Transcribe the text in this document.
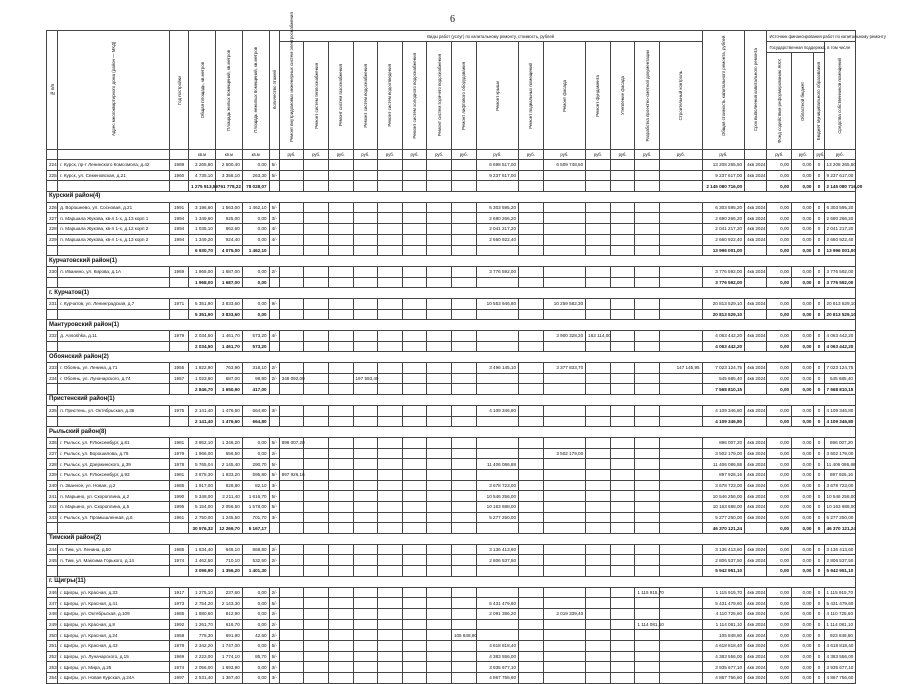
6
№ п/п	Адрес многоквартирного дома (район — МКД)	Год постройки	Общая площадь, кв.метров	Площадь жилых помещений, кв.метров	Площадь нежилых помещений, кв.метров	Количество этажей	Виды работ (услуг) по капитальному ремонту, стоимость, рублей															Общая стоимость капитального ремонта, рублей	Срок выполнения капитального ремонта	Источник финансирования работ по капитальному ремонту			

							Ремонт внутридомовых инженерных систем электроснабжения	Ремонт систем теплоснабжения	Ремонт систем газоснабжения	Ремонт систем водоснабжения	Ремонт систем водоотведения	Ремонт систем холодного водоснабжения	Ремонт систем горячего водоснабжения	Ремонт лифтового оборудования	Ремонт крыши	Ремонт подвальных помещений	Ремонт фасада	Ремонт фундамента	Утепление фасада	Разработка проектно-сметной документации	Строительный контроль			Государственная поддержка, в том числе			Средства собственников помещений

																								Фонд содействия реформированию ЖКХ	Областной бюджет	Бюджет муниципального образования	

			кв.м	кв.м	кв.м		руб.	руб.	руб.	руб.	руб.	руб.	руб.	руб.	руб.	руб.	руб.	руб.	руб.	руб.	руб.	руб.		руб.	руб.	руб.	руб.
224	г. Курск, пр-т Ленинского Комсомола, д.42	1989	3 265,80	2 500,40	0,00	5/-									6 698 517,00		6 509 748,50					13 208 265,50	4кв 2024	0,00	0,00	0	13 208 265,50
225	г. Курск, ул. Семеновская, д.21	1960	4 735,10	3 358,10	263,30	5/-									9 237 617,00							9 237 617,00	4кв 2024	0,00	0,00	0	9 237 617,00
			1 275 913,59	761 778,22	78 028,07																	2 145 080 716,00		0,00	0,00	0	2 145 080 716,00
Курский район(4)																											
226	д. Ворошнево, ул. Сосновая, д.21	1991	3 196,60	1 563,00	1 462,10	5/-									6 303 595,20							6 303 595,20	4кв 2024	0,00	0,00	0	6 303 595,20
227	п. Маршала Жукова, кв-л 1-х, д.13 корп 1	1994	1 349,60	925,00	0,00	3/-									2 690 266,20							2 690 266,20	4кв 2024	0,00	0,00	0	2 690 266,20
228	п. Маршала Жукова, кв-л 1-х, д.12 корп 2	1994	1 035,10	662,60	0,00	4/-									2 041 217,20							2 041 217,20	4кв 2024	0,00	0,00	0	2 041 217,20
229	п. Маршала Жукова, кв-л 1-х, д.13 корп 2	1994	1 349,20	924,40	0,00	4/-									2 660 922,40							2 660 922,40	4кв 2024	0,00	0,00	0	2 660 922,40
			6 930,70	4 075,00	1 462,10																	13 996 001,00		0,00	0,00	0	13 996 001,00
Курчатовский район(1)																											
230	п. Иванино, ул. Кирова, д.1А	1969	1 968,00	1 687,00	0,00	2/-									3 776 592,00							3 776 592,00	4кв 2024	0,00	0,00	0	3 776 592,00
			1 968,00	1 687,00	0,00																	3 776 592,00		0,00	0,00	0	3 776 592,00
г. Курчатов(1)																											
231	г. Курчатов, ул. Ленинградская, д.7	1971	5 351,90	3 833,60	0,00	9/-									10 553 946,80		10 259 582,30					20 813 529,10	4кв 2024	0,00	0,00	0	20 813 529,10
			5 351,90	3 833,60	0,00																	20 813 529,10		0,00	0,00	0	20 813 529,10
Мантуровский район(1)																											
232	д. Ansoshka, д.11	1979	2 034,50	1 461,70	573,20	4/-											3 900 328,20	163 114,00				4 063 442,20	4кв 2024	0,00	0,00	0	4 063 442,20
			2 034,50	1 461,70	573,20																	4 063 442,20		0,00	0,00	0	4 063 442,20
Обоянский район(2)																											
233	г. Обоянь, ул. Ленина, д.71	1955	1 822,90	763,90	318,10	2/-									3 496 145,10		3 377 833,70				147 145,95	7 023 124,75	4кв 2024	0,00	0,00	0	7 023 124,75
234	г. Обоянь, ул. Луначарского, д.74	1957	1 023,80	687,00	98,90	2/-	348 092,00			197 593,40												545 685,40	4кв 2024	0,00	0,00	0	545 685,40
			2 846,70	1 650,90	417,00																	7 568 810,15		0,00	0,00	0	7 568 810,15
Пристенский район(1)																											
235	п. Пристень, ул. Октябрьская, д.36	1975	2 141,40	1 476,60	664,80	3/-									4 109 346,80							4 109 346,80	4кв 2024	0,00	0,00	0	4 109 346,80
			2 141,40	1 476,60	664,80																	4 109 346,80		0,00	0,00	0	4 109 346,80
Рыльский район(8)																											
236	г. Рыльск, ул. Р.Люксембург, д.81	1981	3 862,10	1 346,20	0,00	5/-	896 007,20															896 007,20	4кв 2024	0,00	0,00	0	896 007,20
237	г. Рыльск, ул. Ворошилова, д.76	1979	1 966,00	556,50	0,00	2/-											3 502 179,00					3 502 179,00	4кв 2024	0,00	0,00	0	3 502 179,00
238	г. Рыльск, ул. Дзержинского, д.39	1978	5 765,04	2 145,40	290,70	5/-									11 406 086,88							11 406 086,88	4кв 2024	0,00	0,00	0	11 406 086,88
239	г. Рыльск, ул. Р.Люксембург, д.93	1981	3 878,30	1 933,20	595,80	5/-	897 926,16															897 926,16	4кв 2024	0,00	0,00	0	897 926,16
240	п. Званное, ул. Новая, д.2	1985	1 917,00	828,80	82,10	3/-									3 678 723,00							3 678 723,00	4кв 2024	0,00	0,00	0	3 678 723,00
241	п. Марьино, ул. Скороплина, д.2	1990	5 348,00	2 211,40	1 616,70	5/-									10 546 256,00							10 546 256,00	4кв 2024	0,00	0,00	0	10 546 256,00
242	п. Марьино, ул. Скороплина, д.5	1995	5 154,00	2 056,50	1 578,00	5/-									10 163 688,00							10 163 688,00	4кв 2024	0,00	0,00	0	10 163 688,00
243	г. Рыльск, ул. Промышленная, д.6	1961	2 750,00	1 245,50	701,70	3/-									5 277 250,00							5 277 250,00	4кв 2024	0,00	0,00	0	5 277 250,00
			30 576,32	12 269,70	5 167,17																	46 370 121,24		0,00	0,00	0	46 370 121,24
Тимский район(2)																											
244	п. Тим, ул. Ленина, д.50	1985	1 634,40	646,10	868,80	2/-									3 136 413,60							3 136 413,60	4кв 2024	0,00	0,00	0	3 136 413,60
245	п. Тим, ул. Максима Горького, д.14	1974	1 462,50	710,10	532,50	2/-									2 806 537,50							2 806 537,50	4кв 2024	0,00	0,00	0	2 806 537,50
			3 096,90	1 356,20	1 401,30																	5 942 951,10		0,00	0,00	0	5 942 951,10
г. Щигры(11)																											
246	г. Щигры, ул. Красная, д.33	1917	1 275,10	237,60	0,00	2/-														1 115 915,70		1 115 915,70	4кв 2024	0,00	0,00	0	1 115 915,70
247	г. Щигры, ул. Красная, д.41	1973	2 754,20	2 143,30	0,00	5/-									5 431 479,60							5 431 479,60	4кв 2024	0,00	0,00	0	5 431 479,60
248	г. Щигры, ул. Октябрьская, д.109	1985	1 880,60	812,90	0,00	2/-									2 091 386,20		2 019 339,40					4 110 725,60	4кв 2024	0,00	0,00	0	4 110 725,60
249	г. Щигры, ул. Красная, д.8	1992	1 261,70	616,70	0,00	2/-														1 114 081,10		1 114 081,10	4кв 2024	0,00	0,00	0	1 114 081,10
250	г. Щигры, ул. Красная, д.24	1958	778,30	691,90	42,60	2/-								105 848,80								105 848,80	4кв 2024	0,00	0,00	0	923 848,80
251	г. Щигры, ул. Красная, д.43	1978	2 342,20	1 747,00	0,00	5/-									4 618 818,40							4 618 818,40	4кв 2024	0,00	0,00	0	4 618 818,40
252	г. Щигры, ул. Луначарского, д.15	1969	2 223,00	1 774,10	85,70	5/-									4 383 556,00							4 383 556,00	4кв 2024	0,00	0,00	0	4 383 556,00
253	г. Щигры, ул. Мира, д.25	1974	2 056,00	1 693,90	0,00	3/-									3 935 677,10							3 935 677,10	4кв 2024	0,00	0,00	0	3 935 677,10
254	г. Щигры, ул. Новая Курская, д.24А	1997	2 531,40	1 367,40	0,00	3/-									4 867 756,60							4 867 756,60	4кв 2024	0,00	0,00	0	4 867 756,60
